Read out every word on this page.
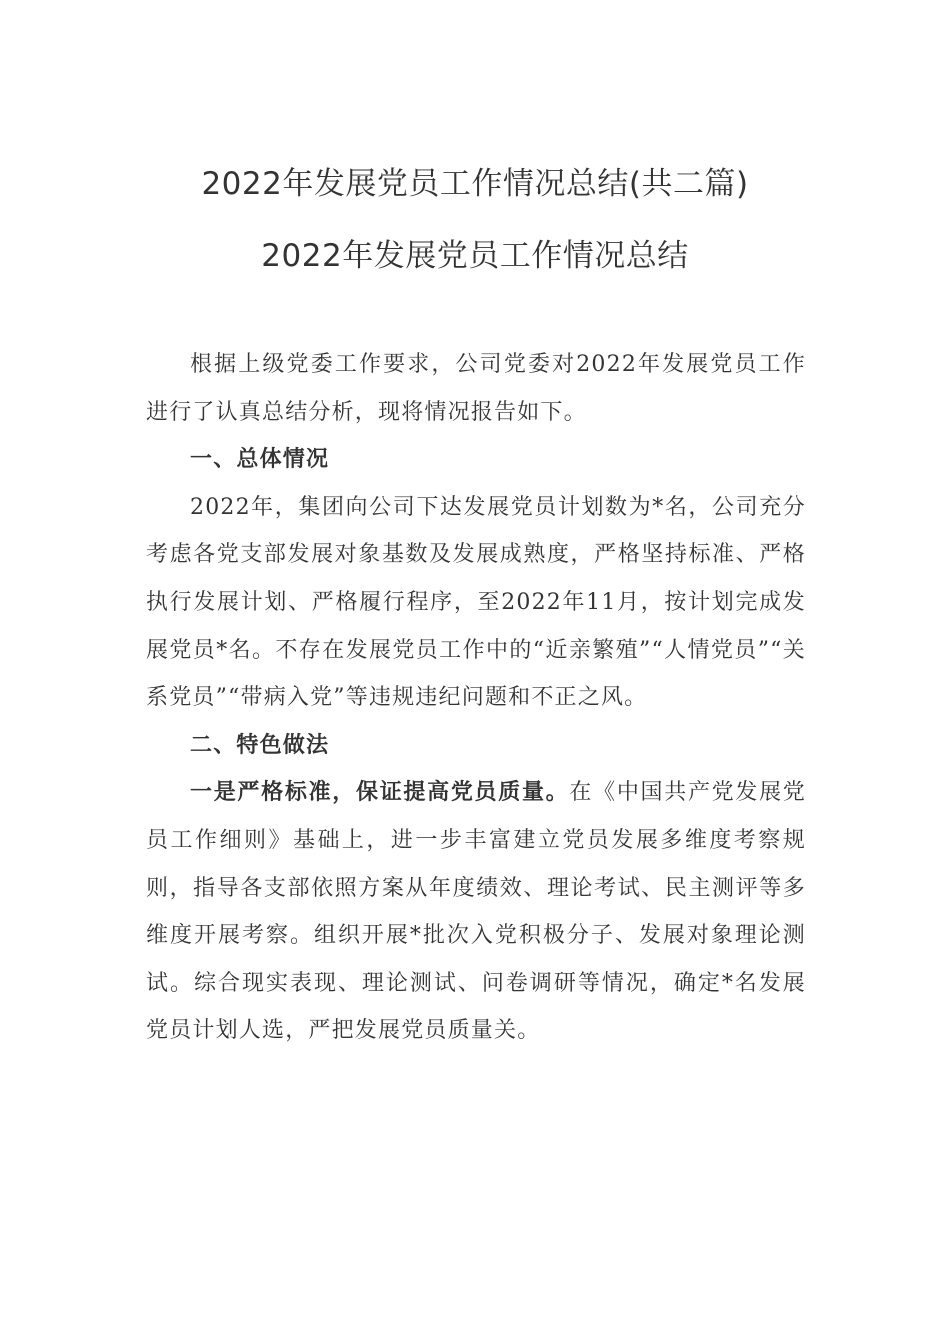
2022年发展党员工作情况总结(共二篇)
2022年发展党员工作情况总结

根据上级党委工作要求，公司党委对2022年发展党员工作进行了认真总结分析，现将情况报告如下。

一、总体情况

2022年，集团向公司下达发展党员计划数为*名，公司充分考虑各党支部发展对象基数及发展成熟度，严格坚持标准、严格执行发展计划、严格履行程序，至2022年11月，按计划完成发展党员*名。不存在发展党员工作中的“近亲繁殖”“人情党员”“关系党员”“带病入党”等违规违纪问题和不正之风。

二、特色做法

一是严格标准，保证提高党员质量。在《中国共产党发展党员工作细则》基础上，进一步丰富建立党员发展多维度考察规则，指导各支部依照方案从年度绩效、理论考试、民主测评等多维度开展考察。组织开展*批次入党积极分子、发展对象理论测试。综合现实表现、理论测试、问卷调研等情况，确定*名发展党员计划人选，严把发展党员质量关。
